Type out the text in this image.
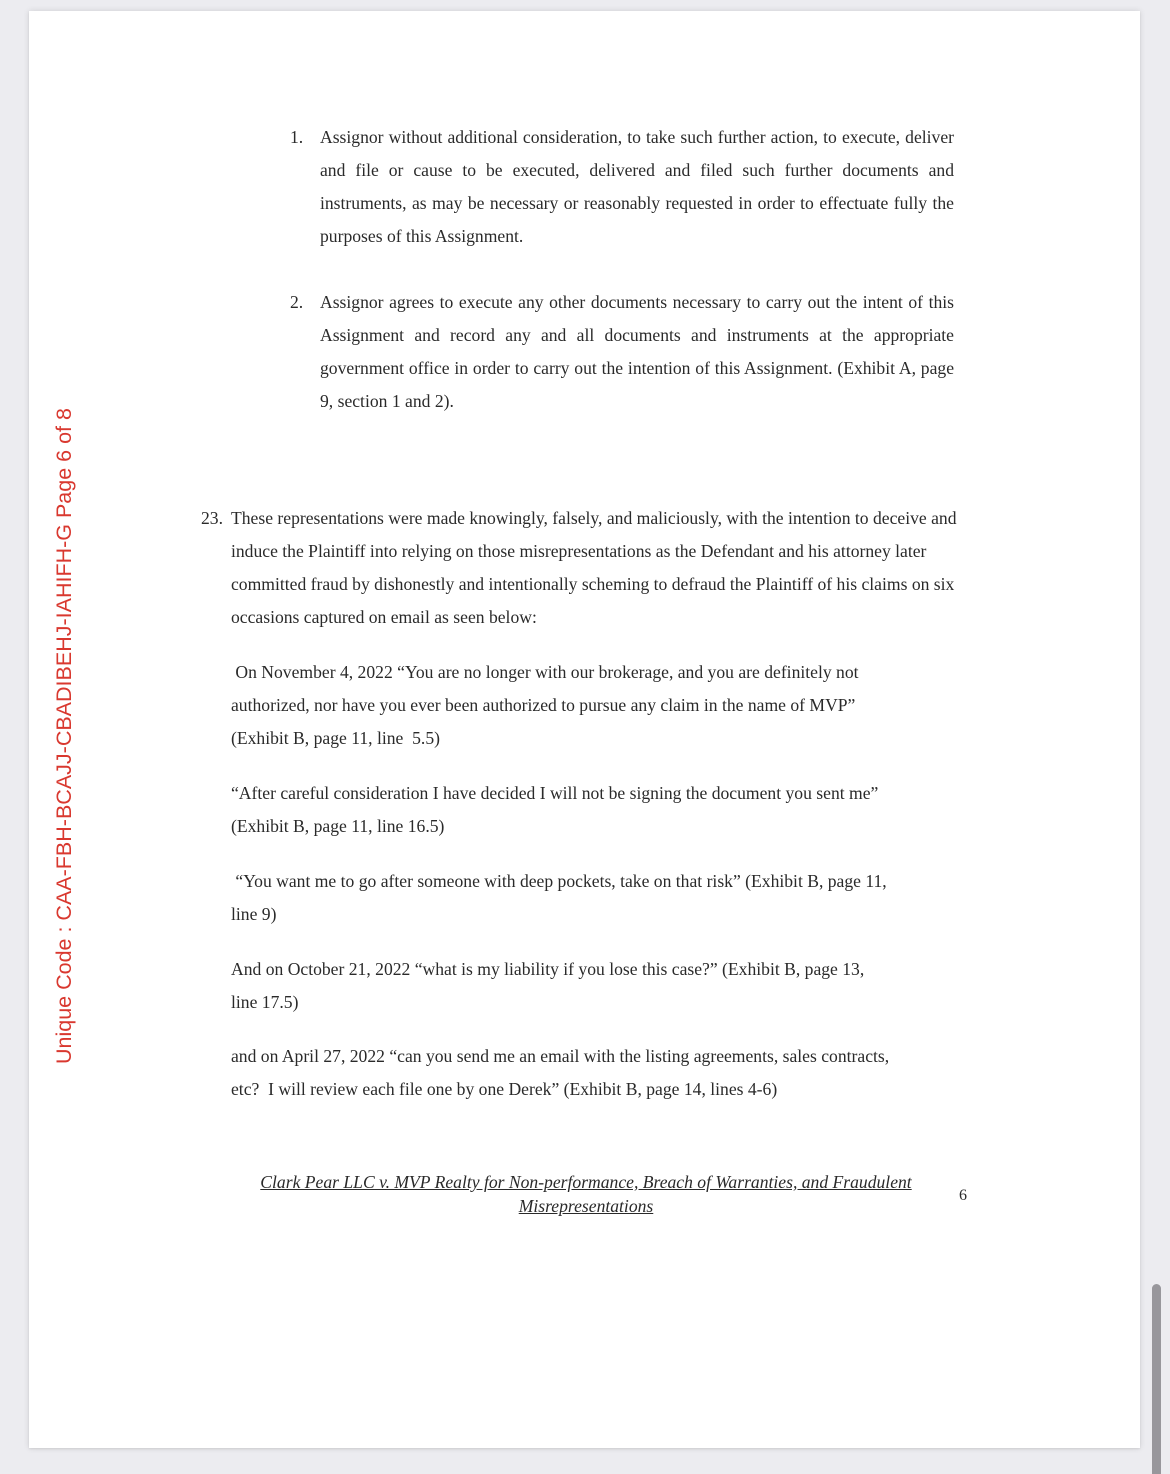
Unique Code : CAA-FBH-BCAJJ-CBADIBEHJ-IAHIFH-G Page 6 of 8
1. Assignor without additional consideration, to take such further action, to execute, deliver and file or cause to be executed, delivered and filed such further documents and instruments, as may be necessary or reasonably requested in order to effectuate fully the purposes of this Assignment.
2. Assignor agrees to execute any other documents necessary to carry out the intent of this Assignment and record any and all documents and instruments at the appropriate government office in order to carry out the intention of this Assignment. (Exhibit A, page 9, section 1 and 2).
23. These representations were made knowingly, falsely, and maliciously, with the intention to deceive and induce the Plaintiff into relying on those misrepresentations as the Defendant and his attorney later committed fraud by dishonestly and intentionally scheming to defraud the Plaintiff of his claims on six occasions captured on email as seen below:
On November 4, 2022 “You are no longer with our brokerage, and you are definitely not
authorized, nor have you ever been authorized to pursue any claim in the name of MVP”
(Exhibit B, page 11, line  5.5)
“After careful consideration I have decided I will not be signing the document you sent me”
(Exhibit B, page 11, line 16.5)
“You want me to go after someone with deep pockets, take on that risk” (Exhibit B, page 11,
line 9)
And on October 21, 2022 “what is my liability if you lose this case?” (Exhibit B, page 13,
line 17.5)
and on April 27, 2022 “can you send me an email with the listing agreements, sales contracts,
etc?  I will review each file one by one Derek” (Exhibit B, page 14, lines 4-6)
Clark Pear LLC v. MVP Realty for Non-performance, Breach of Warranties, and Fraudulent
Misrepresentations
6
